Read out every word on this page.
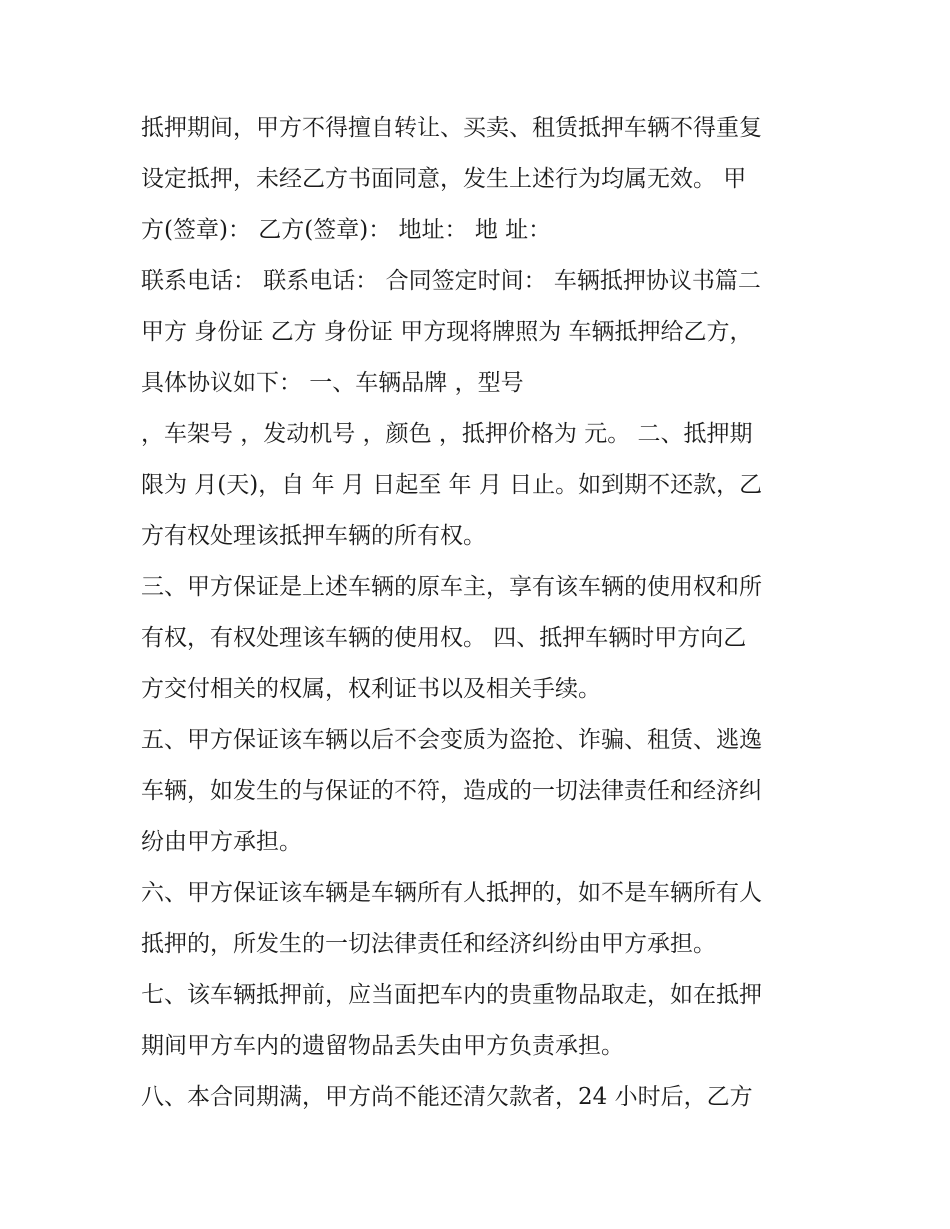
抵押期间，甲方不得擅自转让、买卖、租赁抵押车辆不得重复
设定抵押，未经乙方书面同意，发生上述行为均属无效。 甲
方(签章)： 乙方(签章)： 地址： 地 址：
联系电话： 联系电话： 合同签定时间： 车辆抵押协议书篇二
甲方 身份证 乙方 身份证 甲方现将牌照为 车辆抵押给乙方，
具体协议如下： 一、车辆品牌 ，型号
，车架号 ，发动机号 ，颜色 ，抵押价格为 元。 二、抵押期
限为 月(天)，自 年 月 日起至 年 月 日止。如到期不还款，乙
方有权处理该抵押车辆的所有权。
三、甲方保证是上述车辆的原车主，享有该车辆的使用权和所
有权，有权处理该车辆的使用权。 四、抵押车辆时甲方向乙
方交付相关的权属，权利证书以及相关手续。
五、甲方保证该车辆以后不会变质为盗抢、诈骗、租赁、逃逸
车辆，如发生的与保证的不符，造成的一切法律责任和经济纠
纷由甲方承担。
六、甲方保证该车辆是车辆所有人抵押的，如不是车辆所有人
抵押的，所发生的一切法律责任和经济纠纷由甲方承担。
七、该车辆抵押前，应当面把车内的贵重物品取走，如在抵押
期间甲方车内的遗留物品丢失由甲方负责承担。
八、本合同期满，甲方尚不能还清欠款者，24 小时后，乙方
